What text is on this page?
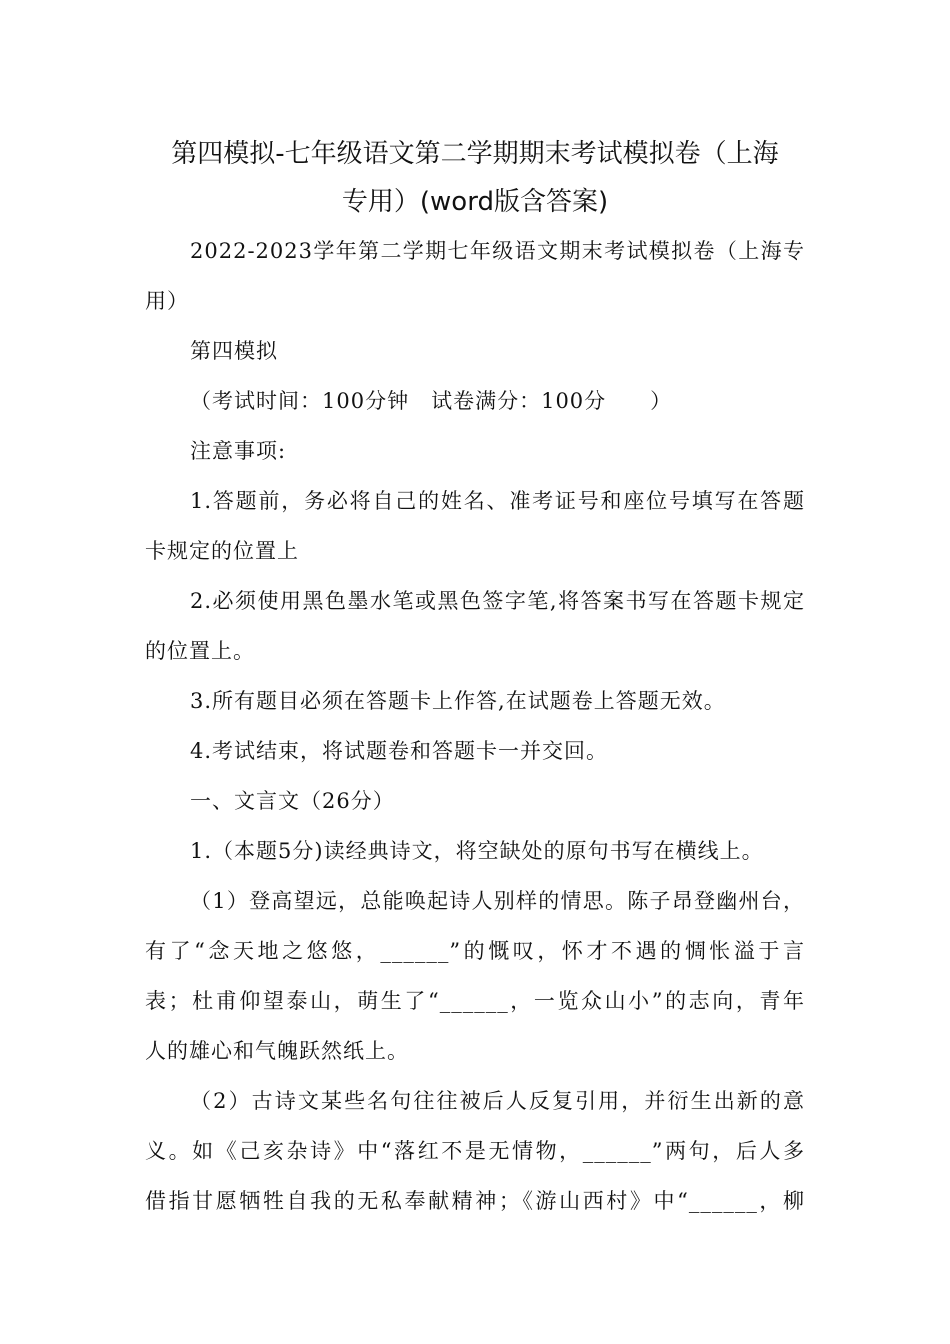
第四模拟-七年级语文第二学期期末考试模拟卷（上海
专用）(word版含答案)
2022-2023学年第二学期七年级语文期末考试模拟卷（上海专
用）
第四模拟
（考试时间：100分钟　试卷满分：100分　　）
注意事项:
1.答题前，务必将自己的姓名、准考证号和座位号填写在答题
卡规定的位置上
2.必须使用黑色墨水笔或黑色签字笔,将答案书写在答题卡规定
的位置上。
3.所有题目必须在答题卡上作答,在试题卷上答题无效。
4.考试结束，将试题卷和答题卡一并交回。
一、文言文（26分）
1.（本题5分)读经典诗文，将空缺处的原句书写在横线上。
（1）登高望远，总能唤起诗人别样的情思。陈子昂登幽州台，
有了“念天地之悠悠，______”的慨叹，怀才不遇的惆怅溢于言
表；杜甫仰望泰山，萌生了“______，一览众山小”的志向，青年
人的雄心和气魄跃然纸上。
（2）古诗文某些名句往往被后人反复引用，并衍生出新的意
义。如《己亥杂诗》中“落红不是无情物，______”两句，后人多
借指甘愿牺牲自我的无私奉献精神；《游山西村》中“______，柳
